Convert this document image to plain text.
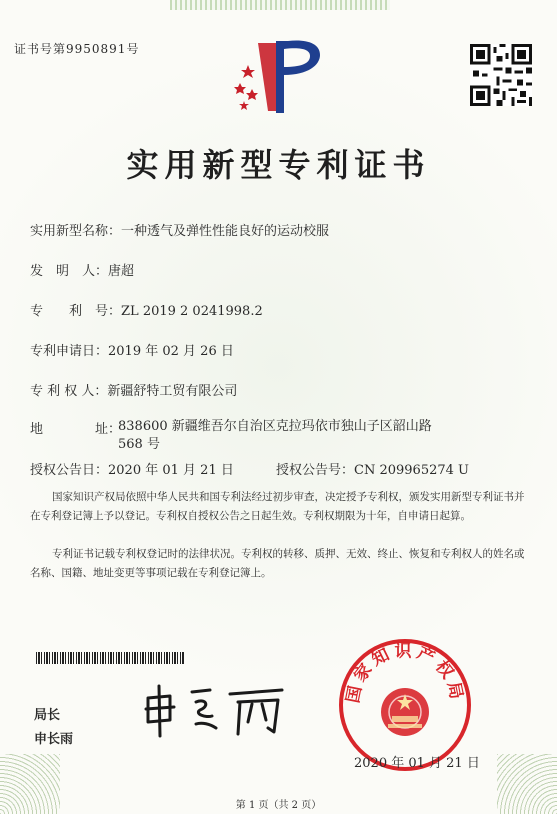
证书号第9950891号
实用新型专利证书
实用新型名称：一种透气及弹性性能良好的运动校服
发　明　人：唐超
专　　利　号：ZL 2019 2 0241998.2
专利申请日：2019 年 02 月 26 日
专 利 权 人：新疆舒特工贸有限公司
地　　　　址：
838600 新疆维吾尔自治区克拉玛依市独山子区韶山路 568 号
授权公告日：2020 年 01 月 21 日	授权公告号：CN 209965274 U
国家知识产权局依照中华人民共和国专利法经过初步审查，决定授予专利权，颁发实用新型专利证书并在专利登记簿上予以登记。专利权自授权公告之日起生效。专利权期限为十年，自申请日起算。
专利证书记载专利权登记时的法律状况。专利权的转移、质押、无效、终止、恢复和专利权人的姓名或名称、国籍、地址变更等事项记载在专利登记簿上。
局长
申长雨
国家知识产权局
2020 年 01 月 21 日
第 1 页（共 2 页）
